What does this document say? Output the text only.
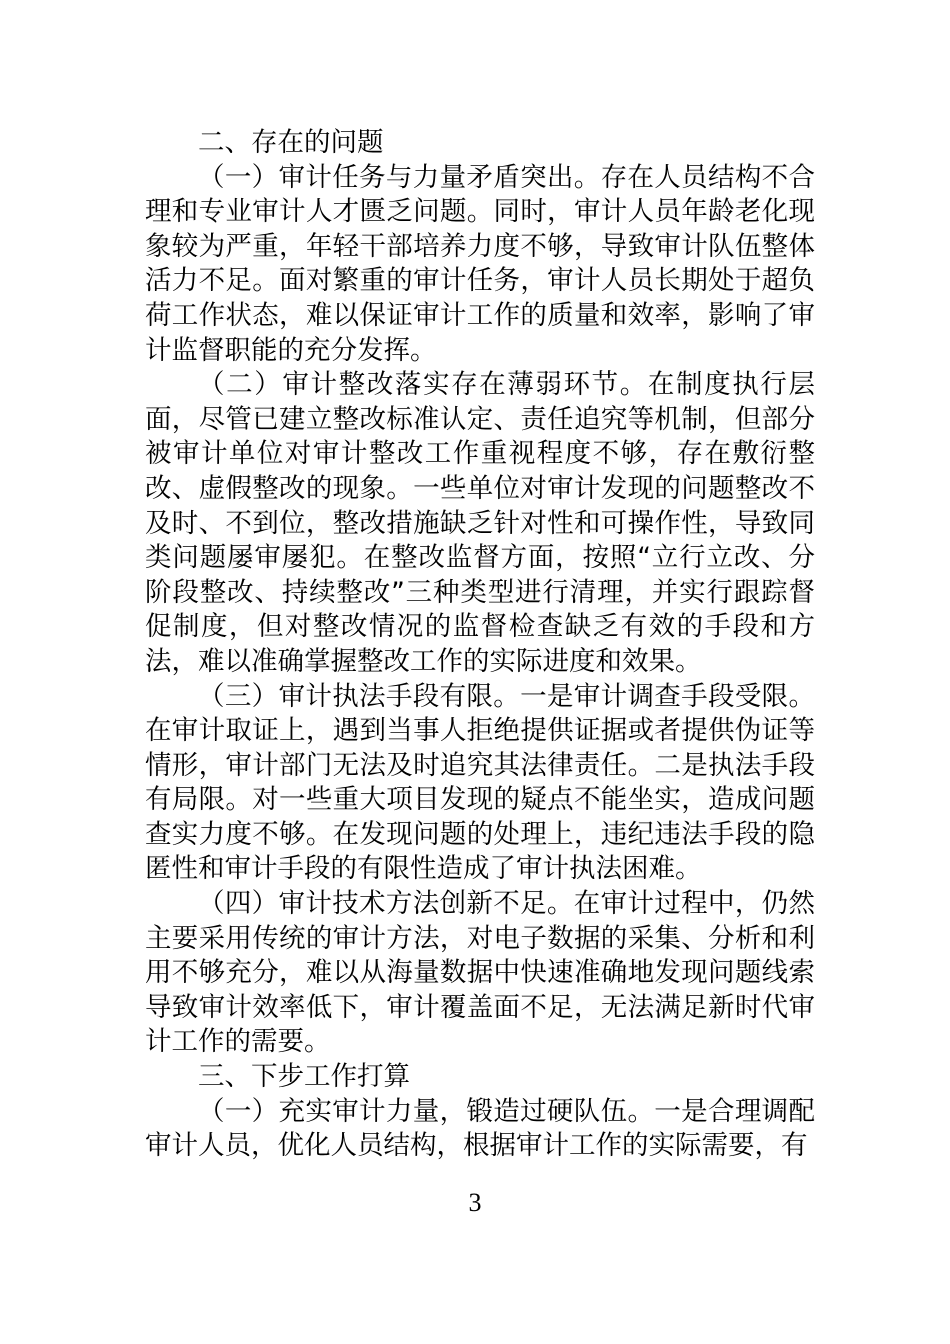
二、存在的问题

（一）审计任务与力量矛盾突出。存在人员结构不合理和专业审计人才匮乏问题。同时，审计人员年龄老化现象较为严重，年轻干部培养力度不够，导致审计队伍整体活力不足。面对繁重的审计任务，审计人员长期处于超负荷工作状态，难以保证审计工作的质量和效率，影响了审计监督职能的充分发挥。

（二）审计整改落实存在薄弱环节。在制度执行层面，尽管已建立整改标准认定、责任追究等机制，但部分被审计单位对审计整改工作重视程度不够，存在敷衍整改、虚假整改的现象。一些单位对审计发现的问题整改不及时、不到位，整改措施缺乏针对性和可操作性，导致同类问题屡审屡犯。在整改监督方面，按照“立行立改、分阶段整改、持续整改”三种类型进行清理，并实行跟踪督促制度，但对整改情况的监督检查缺乏有效的手段和方法，难以准确掌握整改工作的实际进度和效果。

（三）审计执法手段有限。一是审计调查手段受限。在审计取证上，遇到当事人拒绝提供证据或者提供伪证等情形，审计部门无法及时追究其法律责任。二是执法手段有局限。对一些重大项目发现的疑点不能坐实，造成问题查实力度不够。在发现问题的处理上，违纪违法手段的隐匿性和审计手段的有限性造成了审计执法困难。

（四）审计技术方法创新不足。在审计过程中，仍然主要采用传统的审计方法，对电子数据的采集、分析和利用不够充分，难以从海量数据中快速准确地发现问题线索导致审计效率低下，审计覆盖面不足，无法满足新时代审计工作的需要。

三、下步工作打算

（一）充实审计力量，锻造过硬队伍。一是合理调配审计人员，优化人员结构，根据审计工作的实际需要，有

3
